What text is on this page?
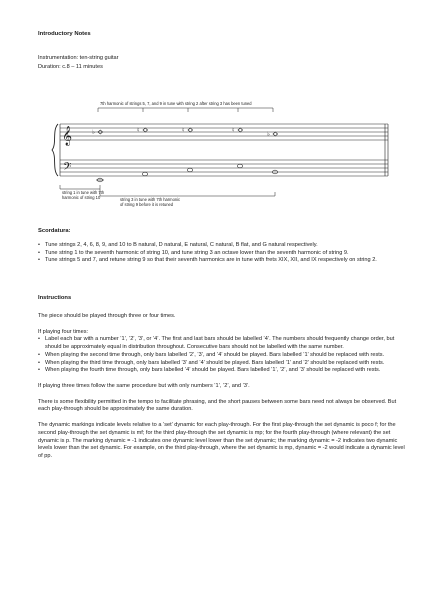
Introductory Notes
Instrumentation: ten-string guitar
Duration: c.8 – 11 minutes
7th harmonic of strings 5, 7, and 9 in tune with string 2 after string 3 has been tuned
𝄞
𝄢
♭	♮	♮	♮
♭
string 1 in tune with 7th harmonic of string 10	string 3 in tune with 7th harmonic of string 9 before it is retuned
Scordatura:
• Tune strings 2, 4, 6, 8, 9, and 10 to B natural, D natural, E natural, C natural, B flat, and G natural respectively.
• Tune string 1 to the seventh harmonic of string 10, and tune string 3 an octave lower than the seventh harmonic of string 9.
• Tune strings 5 and 7, and retune string 9 so that their seventh harmonics are in tune with frets XIX, XII, and IX respectively on string 2.
Instructions

The piece should be played through three or four times.

If playing four times:

• Label each bar with a number ‘1’, ‘2’, ‘3’, or ‘4’. The first and last bars should be labelled ‘4’. The numbers should frequently change order, but should be approximately equal in distribution throughout. Consecutive bars should not be labelled with the same number.
• When playing the second time through, only bars labelled ‘2’, ‘3’, and ‘4’ should be played. Bars labelled ‘1’ should be replaced with rests.
• When playing the third time through, only bars labelled ‘3’ and ‘4’ should be played. Bars labelled ‘1’ and ‘2’ should be replaced with rests.
• When playing the fourth time through, only bars labelled ‘4’ should be played. Bars labelled ‘1’, ‘2’, and ‘3’ should be replaced with rests.

If playing three times follow the same procedure but with only numbers ‘1’, ‘2’, and ‘3’.

There is some flexibility permitted in the tempo to facilitate phrasing, and the short pauses between some bars need not always be observed. But each play-through should be approximately the same duration.

The dynamic markings indicate levels relative to a ‘set’ dynamic for each play-through. For the first play-through the set dynamic is poco f; for the second play-through the set dynamic is mf; for the third play-through the set dynamic is mp; for the fourth play-through (where relevant) the set dynamic is p. The marking dynamic = -1 indicates one dynamic level lower than the set dynamic; the marking dynamic = -2 indicates two dynamic levels lower than the set dynamic. For example, on the third play-through, where the set dynamic is mp, dynamic = -2 would indicate a dynamic level of pp.
